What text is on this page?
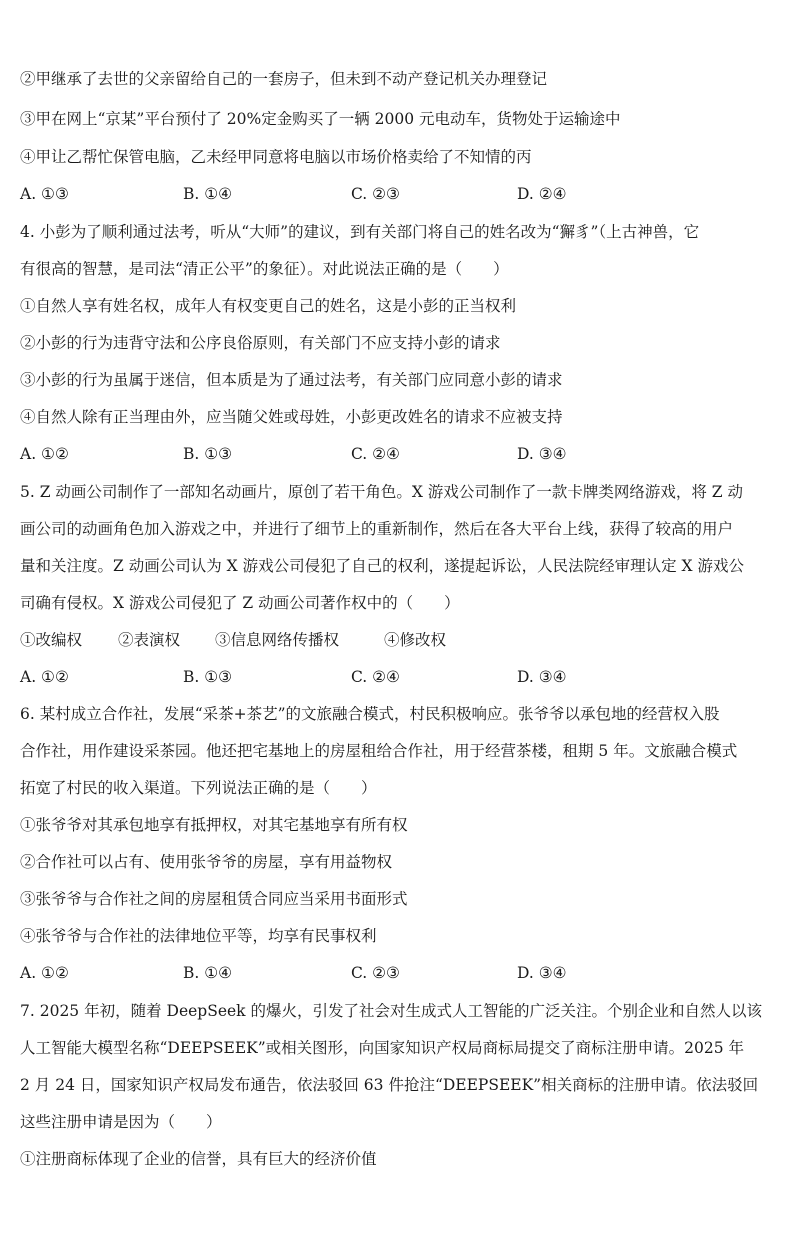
②甲继承了去世的父亲留给自己的一套房子，但未到不动产登记机关办理登记
③甲在网上“京某”平台预付了 20%定金购买了一辆 2000 元电动车，货物处于运输途中
④甲让乙帮忙保管电脑，乙未经甲同意将电脑以市场价格卖给了不知情的丙
A. ①③	B. ①④	C. ②③	D. ②④
4. 小彭为了顺利通过法考，听从“大师”的建议，到有关部门将自己的姓名改为“獬豸”（上古神兽，它
有很高的智慧，是司法“清正公平”的象征）。对此说法正确的是（　　）
①自然人享有姓名权，成年人有权变更自己的姓名，这是小彭的正当权利
②小彭的行为违背守法和公序良俗原则，有关部门不应支持小彭的请求
③小彭的行为虽属于迷信，但本质是为了通过法考，有关部门应同意小彭的请求
④自然人除有正当理由外，应当随父姓或母姓，小彭更改姓名的请求不应被支持
A. ①②	B. ①③	C. ②④	D. ③④
5. Z 动画公司制作了一部知名动画片，原创了若干角色。X 游戏公司制作了一款卡牌类网络游戏，将 Z 动
画公司的动画角色加入游戏之中，并进行了细节上的重新制作，然后在各大平台上线，获得了较高的用户
量和关注度。Z 动画公司认为 X 游戏公司侵犯了自己的权利，遂提起诉讼，人民法院经审理认定 X 游戏公
司确有侵权。X 游戏公司侵犯了 Z 动画公司著作权中的（　　）
①改编权 ②表演权 ③信息网络传播权	④修改权
A. ①②	B. ①③	C. ②④	D. ③④
6. 某村成立合作社，发展“采茶+茶艺”的文旅融合模式，村民积极响应。张爷爷以承包地的经营权入股
合作社，用作建设采茶园。他还把宅基地上的房屋租给合作社，用于经营茶楼，租期 5 年。文旅融合模式
拓宽了村民的收入渠道。下列说法正确的是（　　）
①张爷爷对其承包地享有抵押权，对其宅基地享有所有权
②合作社可以占有、使用张爷爷的房屋，享有用益物权
③张爷爷与合作社之间的房屋租赁合同应当采用书面形式
④张爷爷与合作社的法律地位平等，均享有民事权利
A. ①②	B. ①④	C. ②③	D. ③④
7. 2025 年初，随着 DeepSeek 的爆火，引发了社会对生成式人工智能的广泛关注。个别企业和自然人以该
人工智能大模型名称“DEEPSEEK”或相关图形，向国家知识产权局商标局提交了商标注册申请。2025 年
2 月 24 日，国家知识产权局发布通告，依法驳回 63 件抢注“DEEPSEEK”相关商标的注册申请。依法驳回
这些注册申请是因为（　　）
①注册商标体现了企业的信誉，具有巨大的经济价值
